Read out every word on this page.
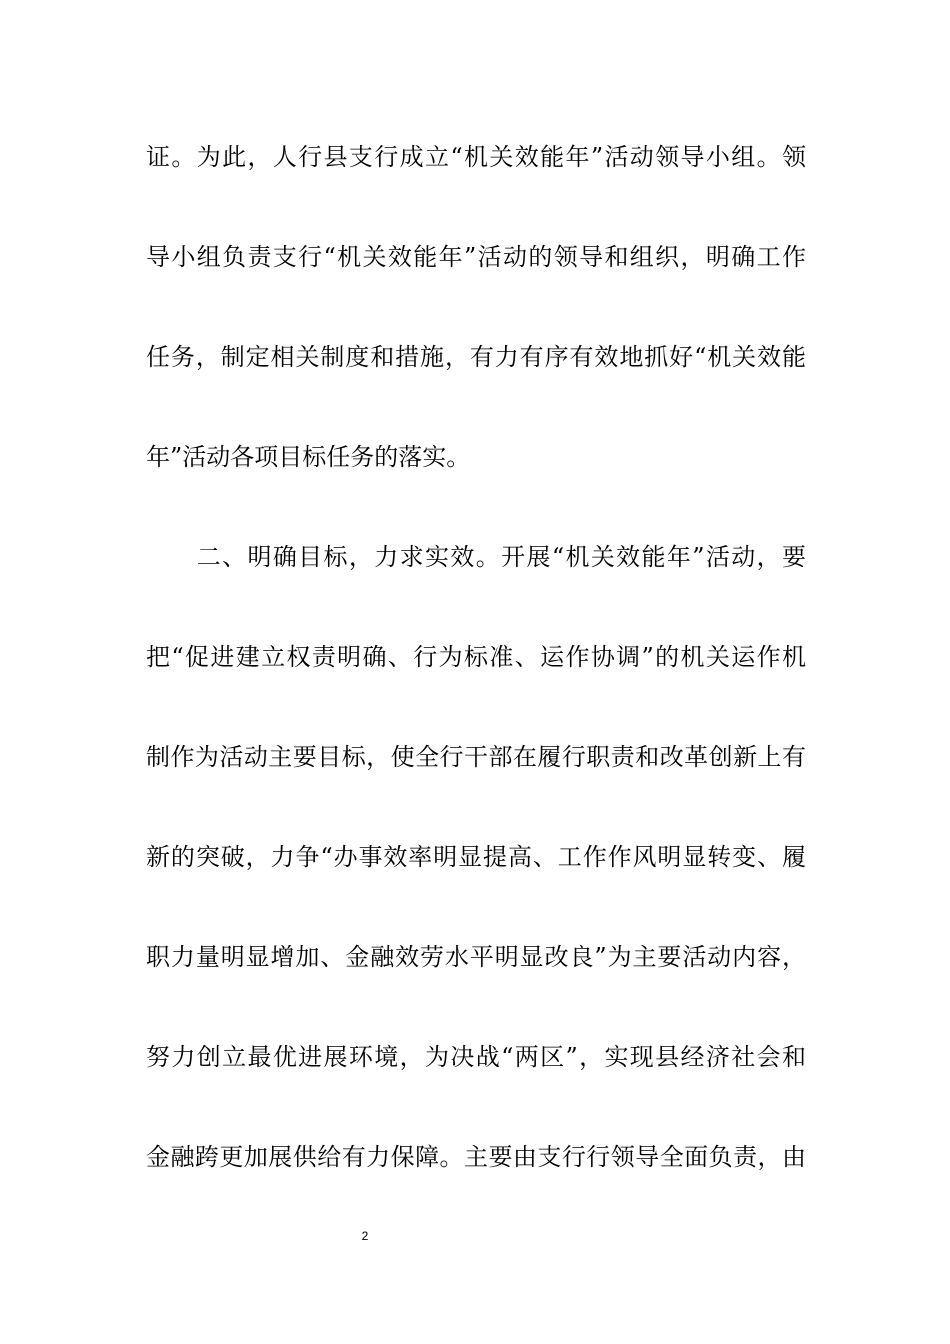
证。为此，人行县支行成立“机关效能年”活动领导小组。领
导小组负责支行“机关效能年”活动的领导和组织，明确工作
任务，制定相关制度和措施，有力有序有效地抓好“机关效能
年”活动各项目标任务的落实。
　　二、明确目标，力求实效。开展“机关效能年”活动，要
把“促进建立权责明确、行为标准、运作协调”的机关运作机
制作为活动主要目标，使全行干部在履行职责和改革创新上有
新的突破，力争“办事效率明显提高、工作作风明显转变、履
职力量明显增加、金融效劳水平明显改良”为主要活动内容，
努力创立最优进展环境，为决战“两区”，实现县经济社会和
金融跨更加展供给有力保障。主要由支行行领导全面负责，由
2
